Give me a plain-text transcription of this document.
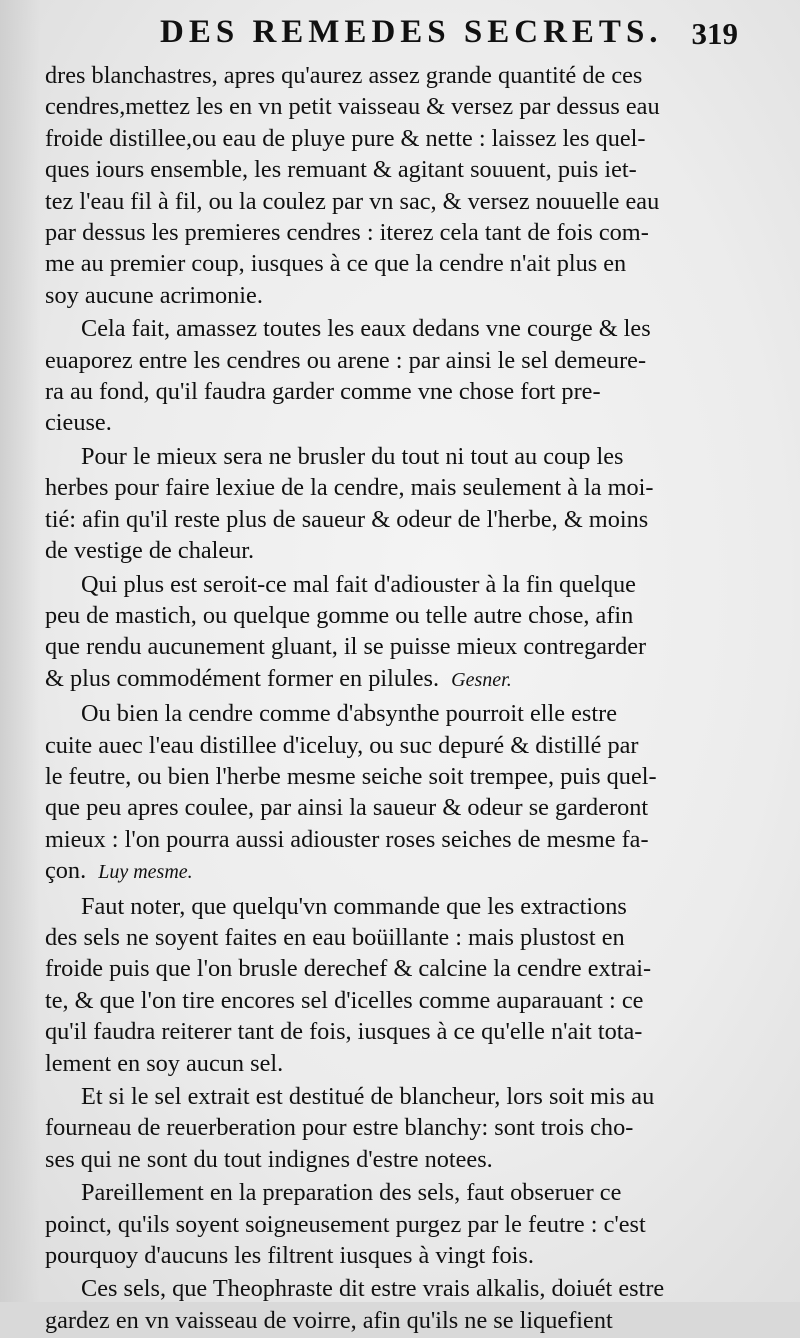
DES REMEDES SECRETS. 319
dres blanchastres, apres qu'aurez assez grande quantité de ces
cendres,mettez les en vn petit vaisseau & versez par dessus eau
froide distillee,ou eau de pluye pure & nette : laissez les quel-
ques iours ensemble, les remuant & agitant souuent, puis iet-
tez l'eau fil à fil, ou la coulez par vn sac, & versez nouuelle eau
par dessus les premieres cendres : iterez cela tant de fois com-
me au premier coup, iusques à ce que la cendre n'ait plus en
soy aucune acrimonie.
Cela fait, amassez toutes les eaux dedans vne courge & les
euaporez entre les cendres ou arene : par ainsi le sel demeure-
ra au fond, qu'il faudra garder comme vne chose fort pre-
cieuse.
Pour le mieux sera ne brusler du tout ni tout au coup les
herbes pour faire lexiue de la cendre, mais seulement à la moi-
tié: afin qu'il reste plus de saueur & odeur de l'herbe, & moins
de vestige de chaleur.
Qui plus est seroit-ce mal fait d'adiouster à la fin quelque
peu de mastich, ou quelque gomme ou telle autre chose, afin
que rendu aucunement gluant, il se puisse mieux contregarder
& plus commodément former en pilules. Gesner.
Ou bien la cendre comme d'absynthe pourroit elle estre
cuite auec l'eau distillee d'iceluy, ou suc depuré & distillé par
le feutre, ou bien l'herbe mesme seiche soit trempee, puis quel-
que peu apres coulee, par ainsi la saueur & odeur se garderont
mieux : l'on pourra aussi adiouster roses seiches de mesme fa-
çon. Luy mesme.
Faut noter, que quelqu'vn commande que les extractions
des sels ne soyent faites en eau boüillante : mais plustost en
froide puis que l'on brusle derechef & calcine la cendre extrai-
te, & que l'on tire encores sel d'icelles comme auparauant : ce
qu'il faudra reiterer tant de fois, iusques à ce qu'elle n'ait tota-
lement en soy aucun sel.
Et si le sel extrait est destitué de blancheur, lors soit mis au
fourneau de reuerberation pour estre blanchy: sont trois cho-
ses qui ne sont du tout indignes d'estre notees.
Pareillement en la preparation des sels, faut obseruer ce
poinct, qu'ils soyent soigneusement purgez par le feutre : c'est
pourquoy d'aucuns les filtrent iusques à vingt fois.
Ces sels, que Theophraste dit estre vrais alkalis, doiuét estre
gardez en vn vaisseau de voirre, afin qu'ils ne se liquefient
